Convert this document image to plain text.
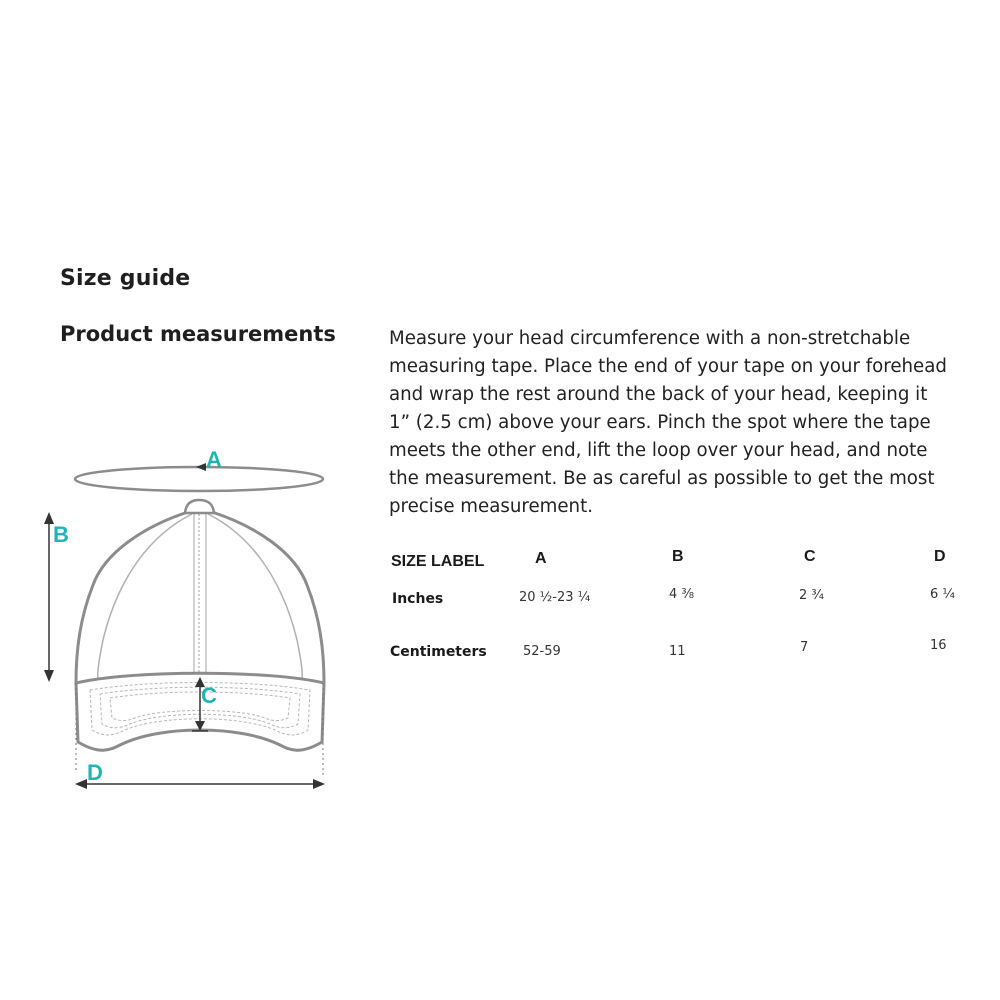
Size guide
Product measurements	Measure your head circumference with a non-stretchable measuring tape. Place the end of your tape on your forehead and wrap the rest around the back of your head, keeping it 1” (2.5 cm) above your ears. Pinch the spot where the tape meets the other end, lift the loop over your head, and note the measurement. Be as careful as possible to get the most precise measurement.

A
B
C
D
SIZE LABEL	A	B	C	D
Inches	20 ½-23 ¼	4 ⅜	2 ¾	6 ¼
Centimeters	52-59	11	7	16
